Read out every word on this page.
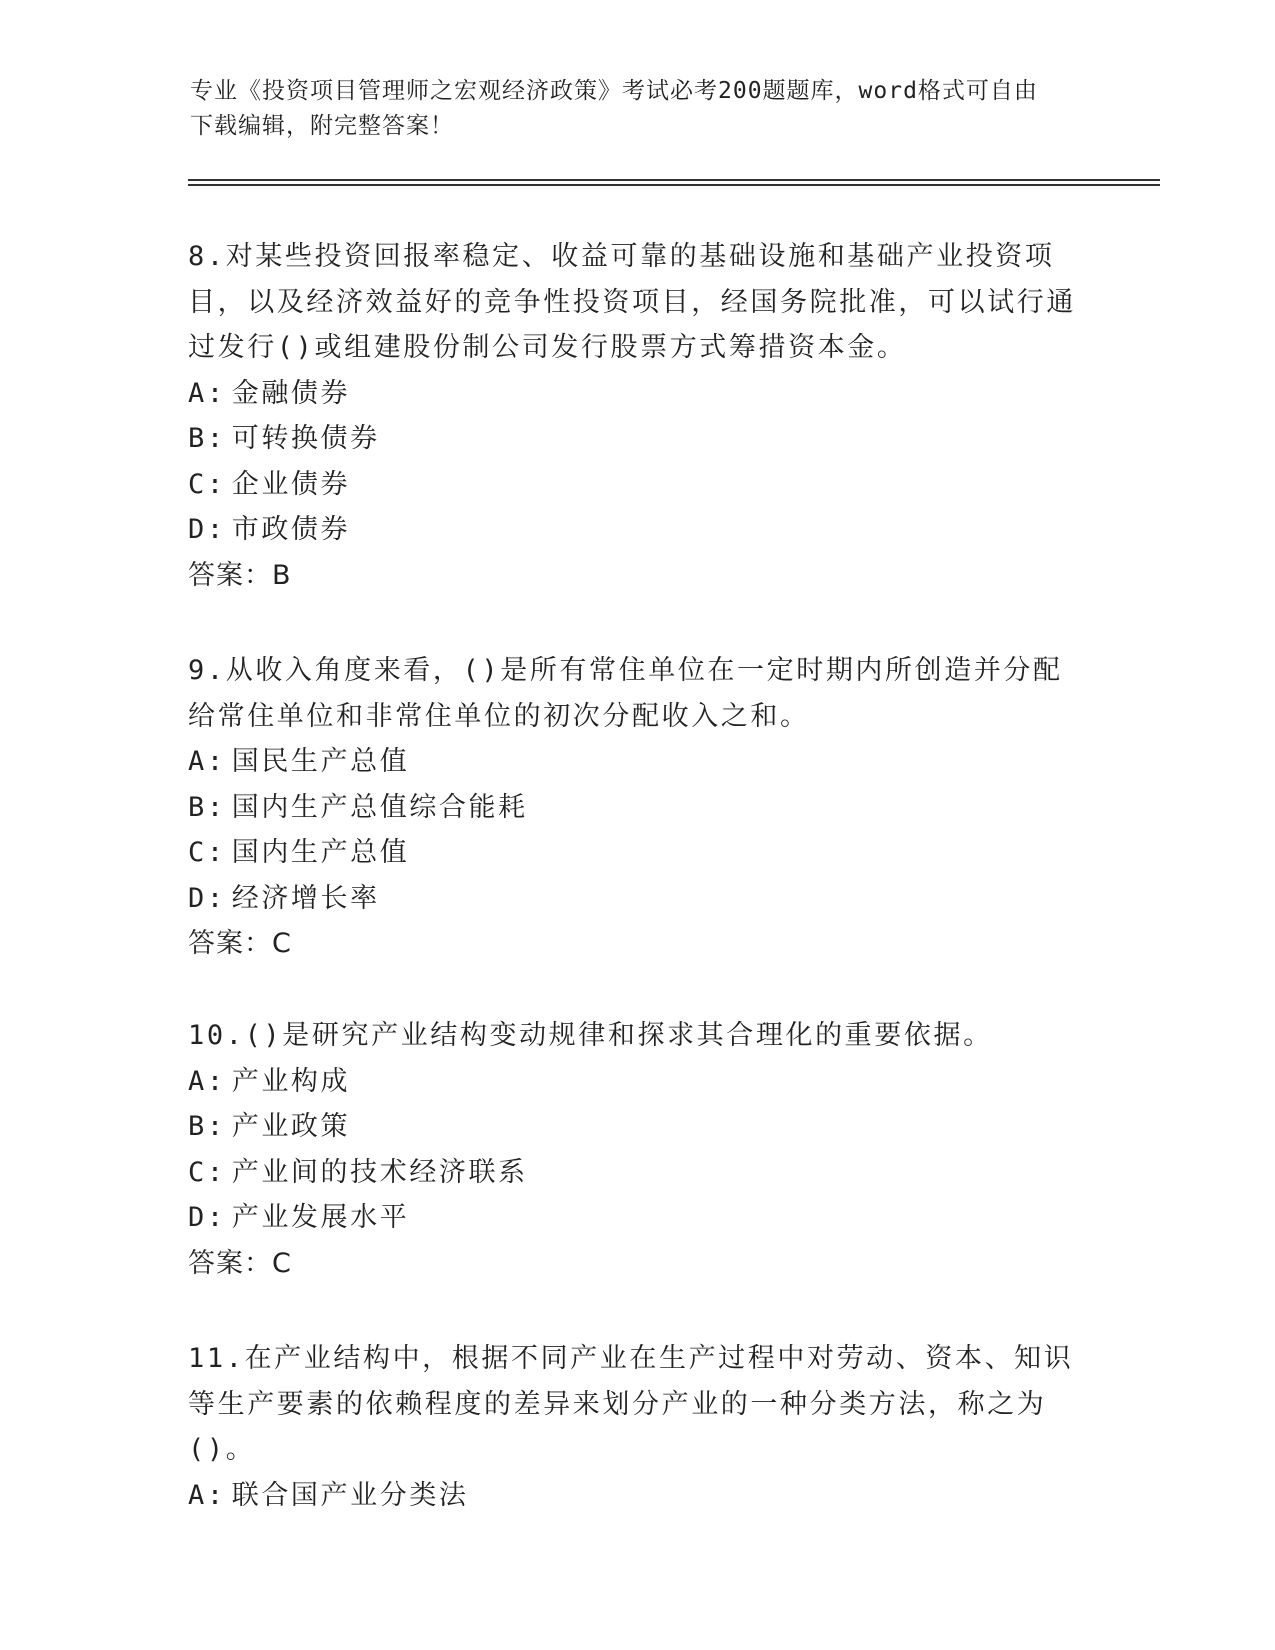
专业《投资项目管理师之宏观经济政策》考试必考200题题库，word格式可自由
下载编辑，附完整答案！

8.对某些投资回报率稳定、收益可靠的基础设施和基础产业投资项目，以及经济效益好的竞争性投资项目，经国务院批准，可以试行通过发行()或组建股份制公司发行股票方式筹措资本金。

A: 金融债券

B: 可转换债券

C: 企业债券

D: 市政债券

答案：B

9.从收入角度来看，()是所有常住单位在一定时期内所创造并分配给常住单位和非常住单位的初次分配收入之和。

A: 国民生产总值

B: 国内生产总值综合能耗

C: 国内生产总值

D: 经济增长率

答案：C

10.()是研究产业结构变动规律和探求其合理化的重要依据。

A: 产业构成

B: 产业政策

C: 产业间的技术经济联系

D: 产业发展水平

答案：C

11.在产业结构中，根据不同产业在生产过程中对劳动、资本、知识等生产要素的依赖程度的差异来划分产业的一种分类方法，称之为()。

A: 联合国产业分类法
